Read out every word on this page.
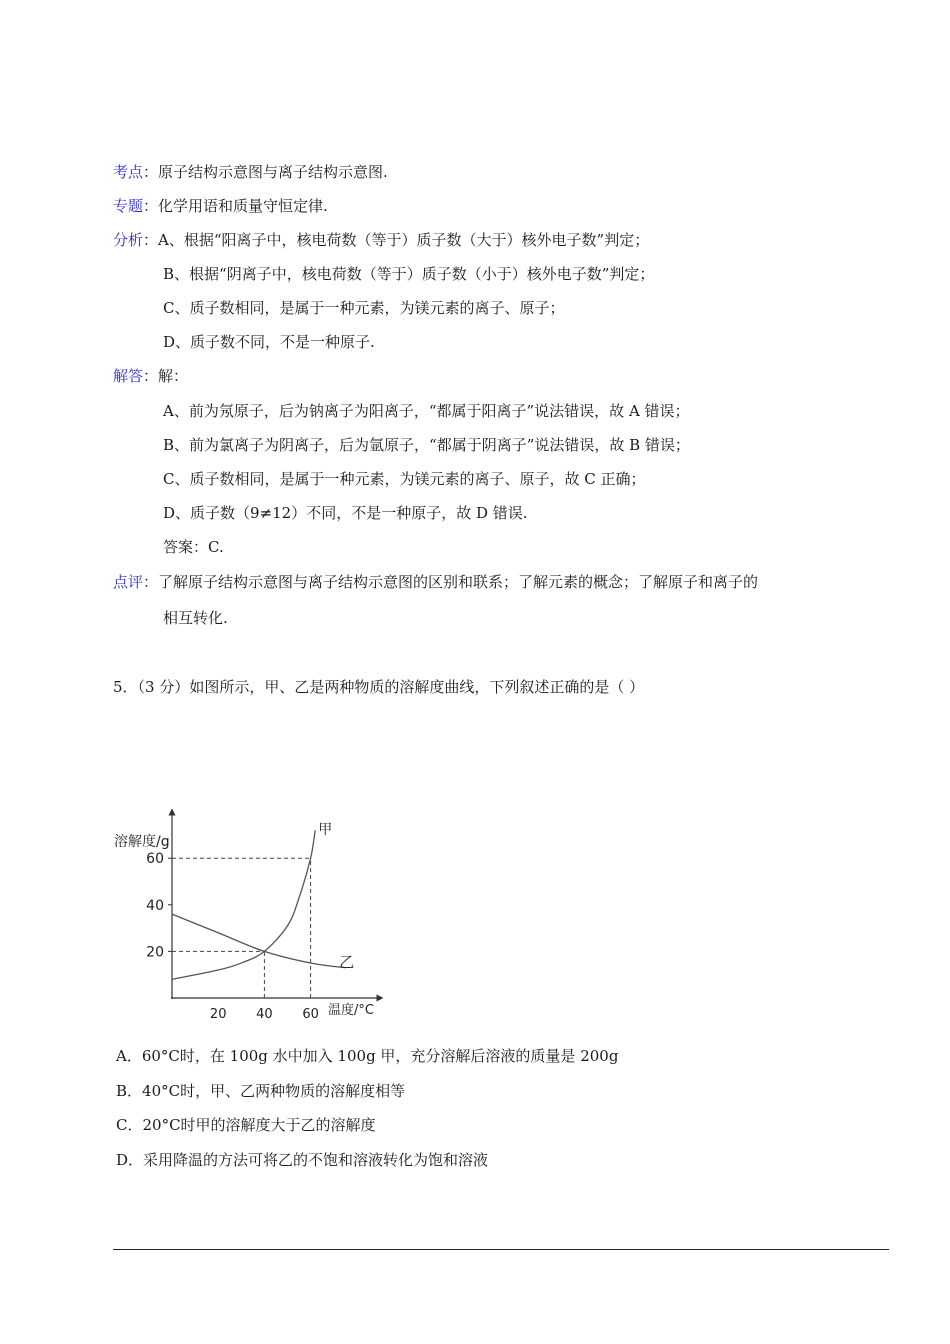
考点：原子结构示意图与离子结构示意图.
专题：化学用语和质量守恒定律.
分析：A、根据“阳离子中，核电荷数（等于）质子数（大于）核外电子数”判定；
B、根据“阴离子中，核电荷数（等于）质子数（小于）核外电子数”判定；
C、质子数相同，是属于一种元素，为镁元素的离子、原子；
D、质子数不同，不是一种原子.
解答：解：
A、前为氖原子，后为钠离子为阳离子，“都属于阳离子”说法错误，故 A 错误；
B、前为氯离子为阴离子，后为氩原子，“都属于阴离子”说法错误，故 B 错误；
C、质子数相同，是属于一种元素，为镁元素的离子、原子，故 C 正确；
D、质子数（9≠12）不同，不是一种原子，故 D 错误.
答案：C.
点评：了解原子结构示意图与离子结构示意图的区别和联系；了解元素的概念；了解原子和离子的
相互转化.
5．（3 分）如图所示，甲、乙是两种物质的溶解度曲线，下列叙述正确的是（ ）
20
40
60
20 40 60
溶解度/g
温度/°C
甲
乙
A．60°C时，在 100g 水中加入 100g 甲，充分溶解后溶液的质量是 200g
B．40°C时，甲、乙两种物质的溶解度相等
C．20°C时甲的溶解度大于乙的溶解度
D．采用降温的方法可将乙的不饱和溶液转化为饱和溶液
